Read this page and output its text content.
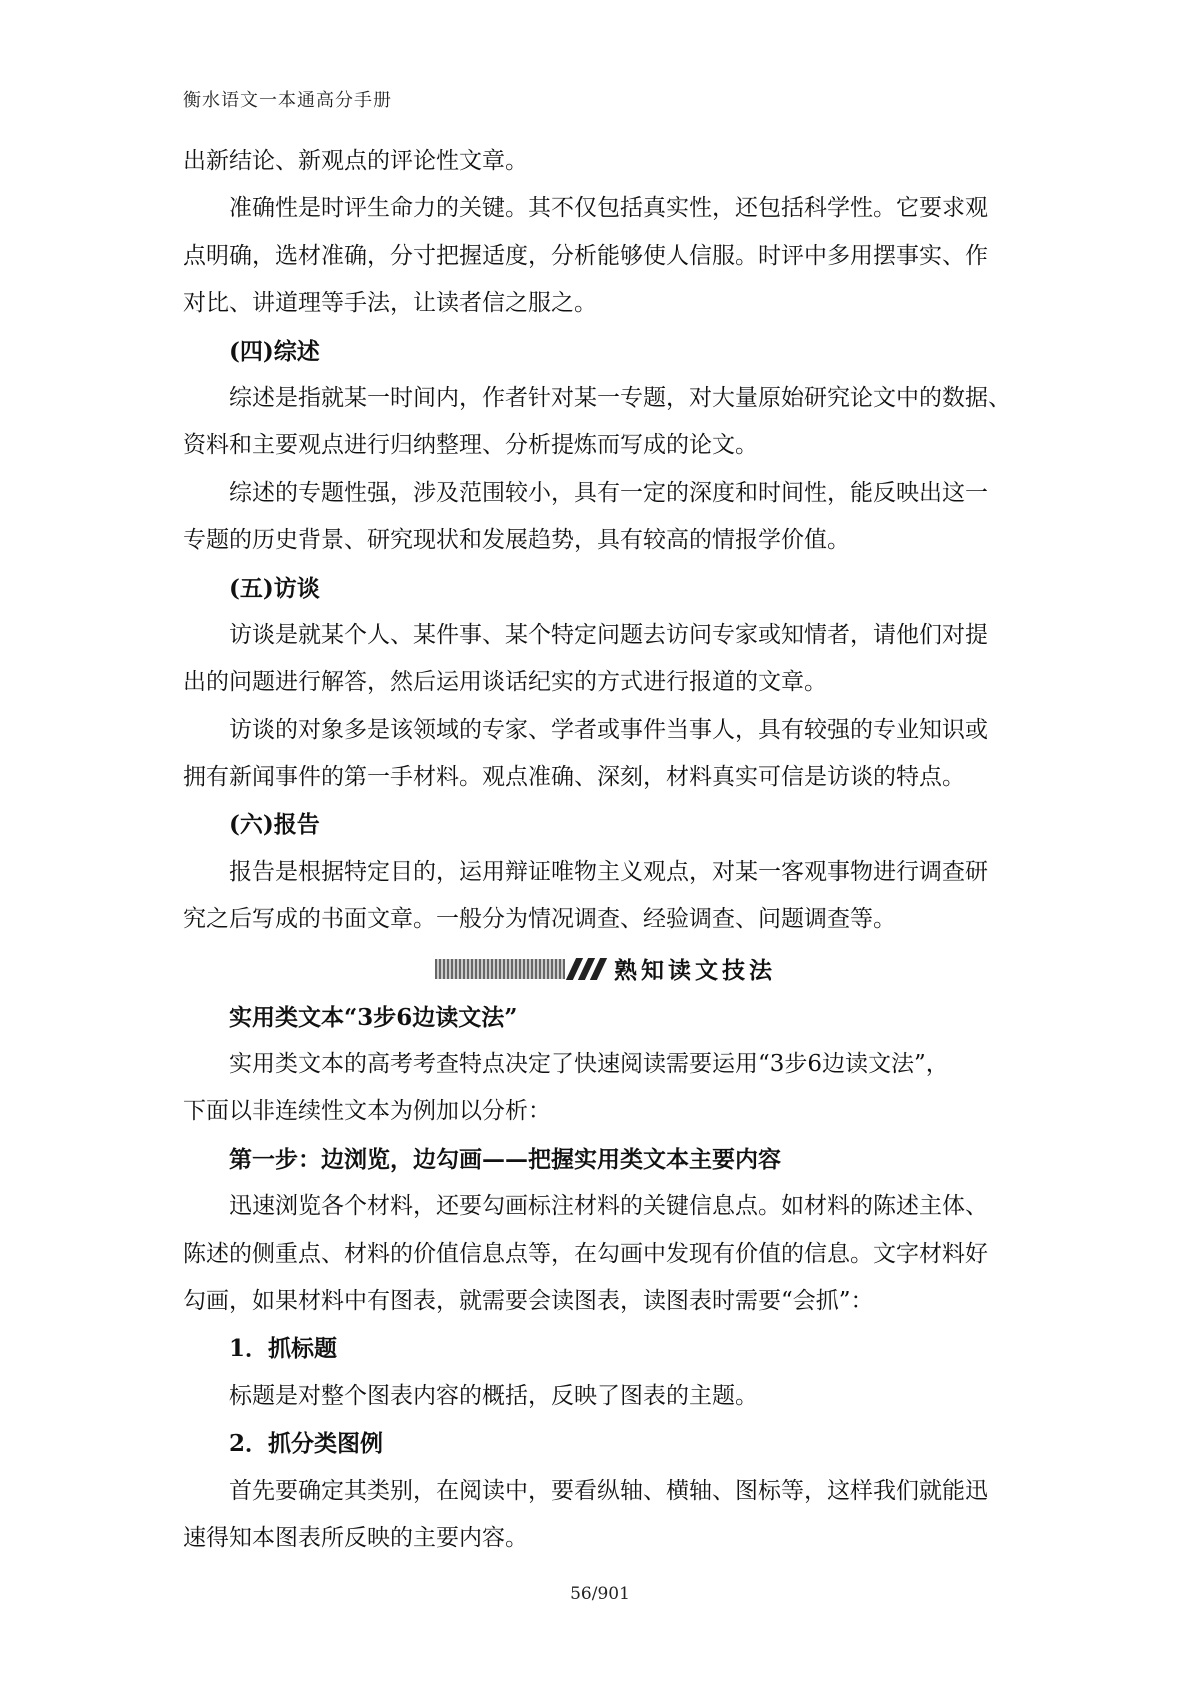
衡水语文一本通高分手册
出新结论、新观点的评论性文章。
准确性是时评生命力的关键。其不仅包括真实性，还包括科学性。它要求观
点明确，选材准确，分寸把握适度，分析能够使人信服。时评中多用摆事实、作
对比、讲道理等手法，让读者信之服之。
(四)综述
综述是指就某一时间内，作者针对某一专题，对大量原始研究论文中的数据、
资料和主要观点进行归纳整理、分析提炼而写成的论文。
综述的专题性强，涉及范围较小，具有一定的深度和时间性，能反映出这一
专题的历史背景、研究现状和发展趋势，具有较高的情报学价值。
(五)访谈
访谈是就某个人、某件事、某个特定问题去访问专家或知情者，请他们对提
出的问题进行解答，然后运用谈话纪实的方式进行报道的文章。
访谈的对象多是该领域的专家、学者或事件当事人，具有较强的专业知识或
拥有新闻事件的第一手材料。观点准确、深刻，材料真实可信是访谈的特点。
(六)报告
报告是根据特定目的，运用辩证唯物主义观点，对某一客观事物进行调查研
究之后写成的书面文章。一般分为情况调查、经验调查、问题调查等。
熟知读文技法
实用类文本“3步6边读文法”
实用类文本的高考考查特点决定了快速阅读需要运用“3步6边读文法”，
下面以非连续性文本为例加以分析：
第一步：边浏览，边勾画——把握实用类文本主要内容
迅速浏览各个材料，还要勾画标注材料的关键信息点。如材料的陈述主体、
陈述的侧重点、材料的价值信息点等，在勾画中发现有价值的信息。文字材料好
勾画，如果材料中有图表，就需要会读图表，读图表时需要“会抓”：
1．抓标题
标题是对整个图表内容的概括，反映了图表的主题。
2．抓分类图例
首先要确定其类别，在阅读中，要看纵轴、横轴、图标等，这样我们就能迅
速得知本图表所反映的主要内容。
56/901
